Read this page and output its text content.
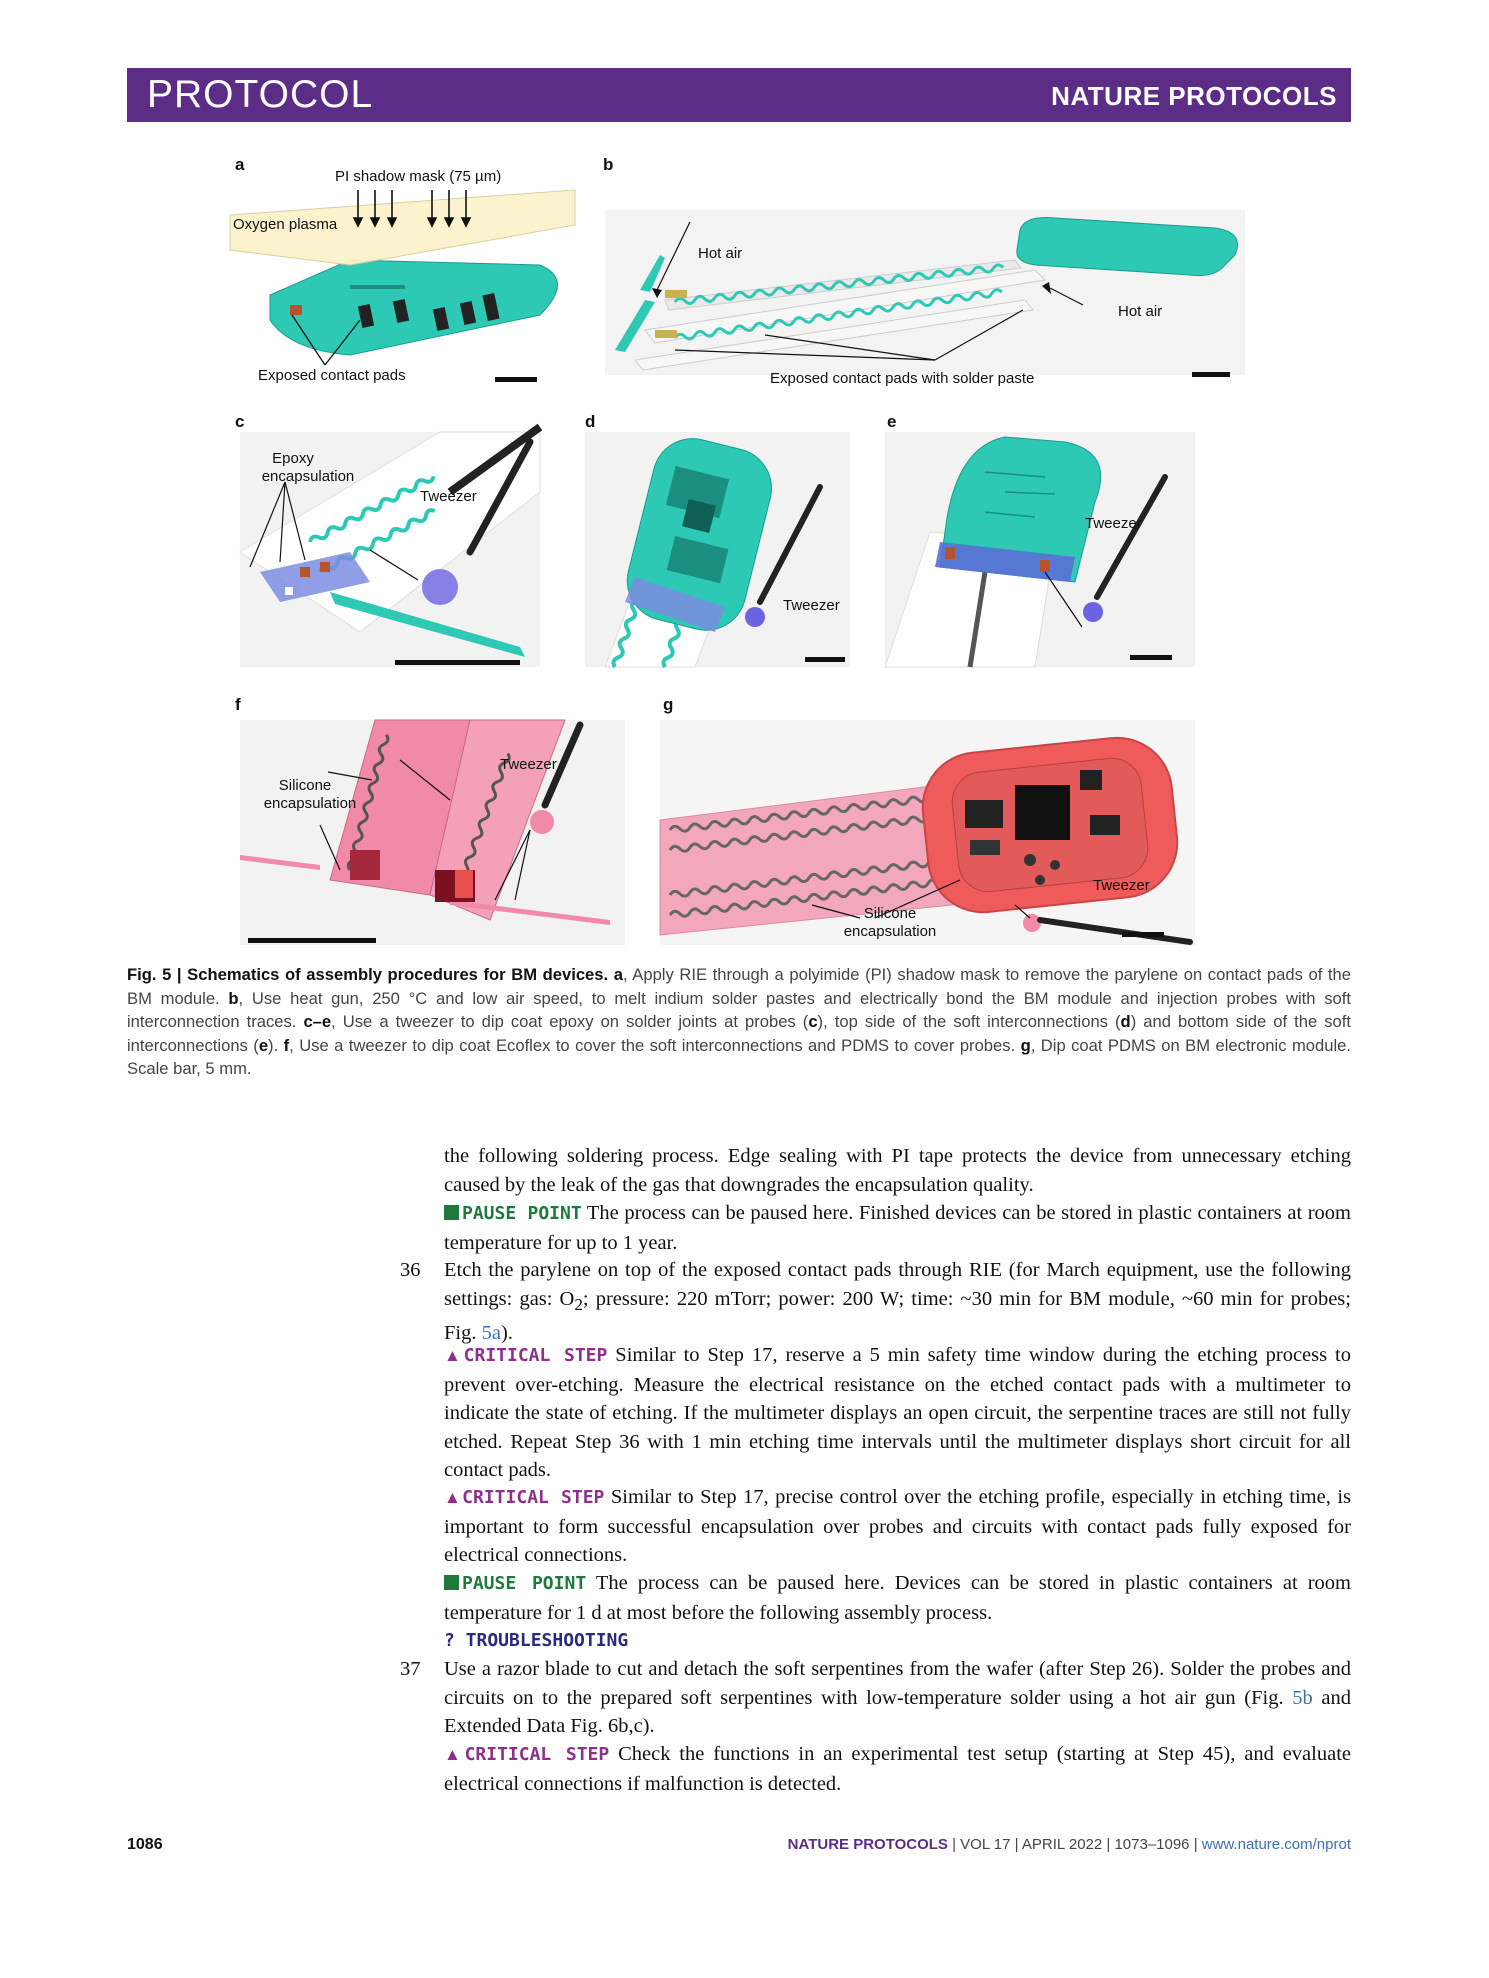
PROTOCOL	NATURE PROTOCOLS
a
PI shadow mask (75 µm)
Oxygen plasma
Exposed contact pads
b
Hot air
Hot air
Exposed contact pads with solder paste
c
Epoxy
encapsulation
Tweezer
d
Tweezer
e
Tweezer
f
Tweezer
Silicone
encapsulation
g
Tweezer
Silicone
encapsulation

Fig. 5 | Schematics of assembly procedures for BM devices. a, Apply RIE through a polyimide (PI) shadow mask to remove the parylene on contact pads of the BM module. b, Use heat gun, 250 °C and low air speed, to melt indium solder pastes and electrically bond the BM module and injection probes with soft interconnection traces. c–e, Use a tweezer to dip coat epoxy on solder joints at probes (c), top side of the soft interconnections (d) and bottom side of the soft interconnections (e). f, Use a tweezer to dip coat Ecoflex to cover the soft interconnections and PDMS to cover probes. g, Dip coat PDMS on BM electronic module. Scale bar, 5 mm.

the following soldering process. Edge sealing with PI tape protects the device from unnecessary etching caused by the leak of the gas that downgrades the encapsulation quality.

PAUSE POINT The process can be paused here. Finished devices can be stored in plastic containers at room temperature for up to 1 year.

36 Etch the parylene on top of the exposed contact pads through RIE (for March equipment, use the following settings: gas: $O_2$; pressure: 220 mTorr; power: 200 W; time: ~30 min for BM module, ~60 min for probes; Fig. 5a).

▲CRITICAL STEP Similar to Step 17, reserve a 5 min safety time window during the etching process to prevent over-etching. Measure the electrical resistance on the etched contact pads with a multimeter to indicate the state of etching. If the multimeter displays an open circuit, the serpentine traces are still not fully etched. Repeat Step 36 with 1 min etching time intervals until the multimeter displays short circuit for all contact pads.

▲CRITICAL STEP Similar to Step 17, precise control over the etching profile, especially in etching time, is important to form successful encapsulation over probes and circuits with contact pads fully exposed for electrical connections.

PAUSE POINT The process can be paused here. Devices can be stored in plastic containers at room temperature for 1 d at most before the following assembly process.

? TROUBLESHOOTING

37 Use a razor blade to cut and detach the soft serpentines from the wafer (after Step 26). Solder the probes and circuits on to the prepared soft serpentines with low-temperature solder using a hot air gun (Fig. 5b and Extended Data Fig. 6b,c).

▲CRITICAL STEP Check the functions in an experimental test setup (starting at Step 45), and evaluate electrical connections if malfunction is detected.

1086	NATURE PROTOCOLS | VOL 17 | APRIL 2022 | 1073–1096 | www.nature.com/nprot
